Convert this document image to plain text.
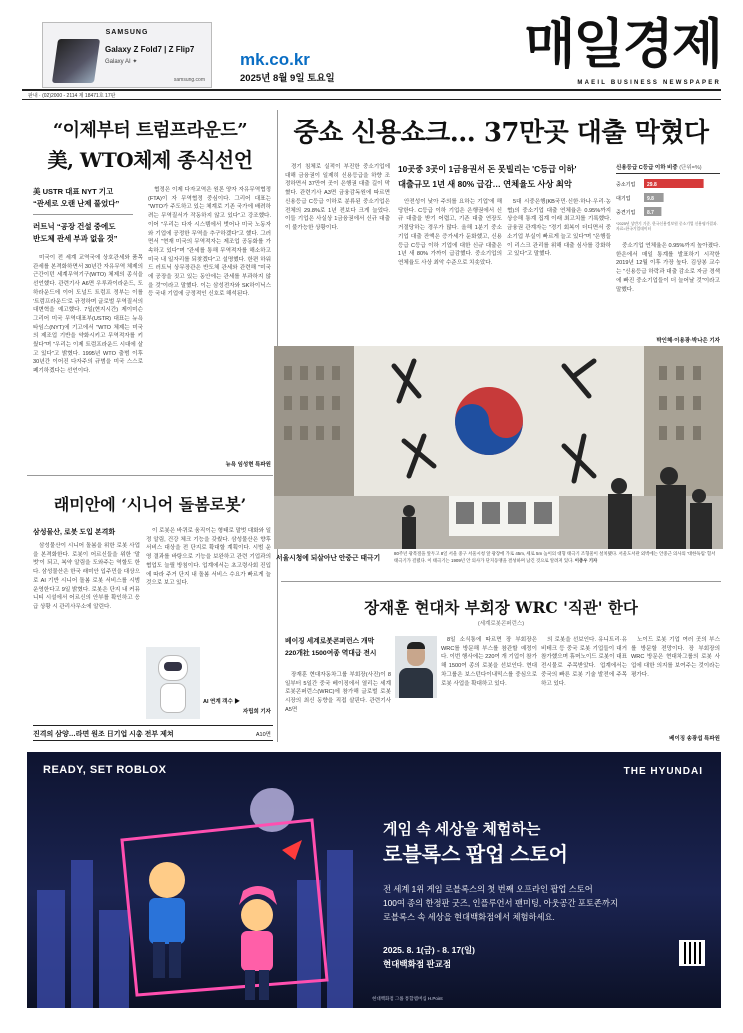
SAMSUNG
Galaxy Z Fold7 | Z Flip7
Galaxy AI ✦
samsung.com
mk.co.kr
2025년 8월 9일 토요일
매일경제
MAEIL BUSINESS NEWSPAPER
판내 · (02)2000 - 2114 제 18471호 17판
“이제부터 트럼프라운드”
美, WTO체제 종식선언
美 USTR 대표 NYT 기고
“관세로 오랜 난제 풀었다”
러트닉 “공장 건설 중에도
반도체 관세 부과 없을 것”

미국이 전 세계 교역국에 상호관세와 품목관세를 본격화하면서 30년간 자유무역 체제의 근간이던 세계무역기구(WTO) 체제의 종식을 선언했다. 관련기사 A6면 우루과이라운드, 도하라운드에 이어 도널드 트럼프 정부는 이를 '트럼프라운드'로 규정하며 글로벌 무역질서의 대변혁을 예고했다. 7일(현지시간) 제이미슨 그리어 미국 무역대표부(USTR) 대표는 뉴욕타임스(NYT)에 기고에서 "WTO 체제는 미국의 제조업 기반을 약화시키고 무역적자를 키웠다"며 "우리는 이제 트럼프라운드 시대에 살고 있다"고 밝혔다. 1995년 WTO 출범 이후 30년간 이어진 다자주의 규범을 미국 스스로 폐기하겠다는 선언이다.

협정은 이제 다자교역은 원론 양자 자유무역협정(FTA)이 자 무역협정 중심이다. 그리어 대표는 "WTO가 주도하고 있는 체계로 기존 국가에 배려하려는 무역질서가 작동하지 않고 있다"고 강조했다. 이어 "우리는 다자 시스템에서 벗어나 미국 노동자와 기업에 공정한 무역을 추구하겠다"고 했다. 그러면서 "현재 미국의 무역적자는 제조업 공동화를 가속하고 있다"며 "관세를 통해 무역적자를 해소하고 미국 내 일자리를 되찾겠다"고 설명했다. 한편 하워드 러트닉 상무장관은 반도체 관세와 관련해 "미국에 공장을 짓고 있는 동안에는 관세를 부과하지 않을 것"이라고 말했다. 이는 삼성전자와 SK하이닉스 등 국내 기업에 긍정적인 신호로 해석된다.

뉴욕 임성현 특파원
래미안에 ‘시니어 돌봄로봇’
삼성물산, 로봇 도입 본격화

삼성물산이 시니어 돌봄을 위한 로봇 사업을 본격화한다. 로봇이 어르신들을 위한 '말벗'이 되고, 복약 알림을 도와주는 역할도 한다. 삼성물산은 한국 래미안 입주민을 대상으로 AI 기반 시니어 돌봄 로봇 서비스를 시범 운영한다고 9일 밝혔다. 로봇은 단지 내 커뮤니티 시설에서 어르신의 안부를 확인하고 응급 상황 시 관리사무소에 알린다.

이 로봇은 바퀴로 움직이는 형태로 말벗 대화와 일정 알림, 건강 체크 기능을 갖췄다. 삼성물산은 향후 서비스 대상을 전 단지로 확대할 계획이다. 시범 운영 결과를 바탕으로 기능을 보완하고 관련 기업과의 협업도 늘릴 방침이다. 업계에서는 초고령사회 진입에 따라 주거 단지 내 돌봄 서비스 수요가 빠르게 늘 것으로 보고 있다.

AI 연계 객수 ▶
자립희 기자
진격의 삼양…라면 원조 日기업 시총 전부 제쳐	A10면
중쇼 신용쇼크… 37만곳 대출 막혔다

경기 침체로 실적이 부진한 중소기업에 대해 금융권이 일제히 신용등급을 하향 조정하면서 37만여 곳이 은행권 대출 길이 막혔다. 관련기사 A3면 금융감독원에 따르면 신용등급 C등급 이하로 분류된 중소기업은 전체의 29.8%로 1년 전보다 크게 늘었다. 이들 기업은 사실상 1금융권에서 신규 대출이 불가능한 상황이다.

10곳중 3곳이 1금융권서 돈 못빌리는 'C등급 이하'
대출규모 1년 새 80% 급감… 연체율도 사상 최악

안전성이 낮아 주의를 요하는 기업'에 해당한다. C등급 이하 기업은 은행권에서 신규 대출을 받기 어렵고, 기존 대출 연장도 거절당하는 경우가 많다. 올해 1분기 중소기업 대출 잔액은 증가세가 둔화했고, 신용등급 C등급 이하 기업에 대한 신규 대출은 1년 새 80% 가까이 급감했다. 중소기업의 연체율도 사상 최악 수준으로 치솟았다.

5대 시중은행(KB국민·신한·하나·우리·농협)의 중소기업 대출 연체율은 0.95%까지 상승해 통계 집계 이래 최고치를 기록했다. 금융권 관계자는 "경기 회복이 더디면서 중소기업 부실이 빠르게 늘고 있다"며 "은행들이 리스크 관리를 위해 대출 심사를 강화하고 있다"고 말했다.

신용등급 C등급 이하 비중 (단위=%)
중소기업 29.8
대기업	9.8
중견기업 8.7
*2025년 상반기 기준. 한국신용정보원 중소기업 신용평가결과. 자료=한국기업데이터

중소기업 연체율은 0.95%까지 높아졌다. 한은에서 매일 통계를 발표하기 시작한 2019년 12월 이후 가장 높다. 김상봉 교수는 "신용등급 하락과 대출 감소로 자금 경색에 빠진 중소기업들이 더 늘어날 것"이라고 말했다.

박인혜·이용광·박나은 기자
서울시청에 되살아난 안중근 태극기
80주년 광복절을 앞두고 8일 서울 중구 서울시청 앞 광장에 가로 45m, 세로 5m 높이의 대형 태극기 조형물이 설치됐다. 서울도서관 외벽에는 안중근 의사의 '대한독립' 혈서 태극기가 걸렸다. 이 태극기는 1909년 안 의사가 단지동맹을 결성하며 남긴 것으로 알려져 있다. 이충우 기자
장재훈 현대차 부회장 WRC '직관' 한다
(세계로봇콘퍼런스)
베이징 세계로봇콘퍼런스 개막
220개社 1500여종 역대급 전시

장재훈 현대자동차그룹 부회장(사진)이 8일부터 5일간 중국 베이징에서 열리는 세계로봇콘퍼런스(WRC)에 참가해 글로벌 로봇 시장의 최신 동향을 직접 살핀다. 관련기사 A5면

8일 소식통에 따르면 장 부회장은 WRC를 방문해 부스를 참관할 예정이다. 이번 행사에는 220여 개 기업이 참가해 1500여 종의 로봇을 선보인다. 현대차그룹은 보스턴다이내믹스를 중심으로 로봇 사업을 확대하고 있다.

의 로봇을 선보인다. 유니트리·유비테크 등 중국 로봇 기업들이 대거 참가했으며 휴머노이드 로봇이 대표 전시물로 주목받았다. 업계에서는 중국의 빠른 로봇 기술 발전에 주목하고 있다.

노이드 로봇 기업 여러 곳의 부스를 방문할 전망이다. 장 부회장의 WRC 방문은 현대차그룹의 로봇 사업에 대한 의지를 보여주는 것이라는 평가다.

베이징 송광섭 특파원
READY, SET ROBLOX	THE HYUNDAI
게임 속 세상을 체험하는
로블록스 팝업 스토어
전 세계 1위 게임 로블록스의 첫 번째 오프라인 팝업 스토어
100여 종의 한정판 굿즈, 인플루언서 팬미팅, 아웃공간 포토존까지
로블록스 속 세상을 현대백화점에서 체험하세요.
2025. 8. 1(금) - 8. 17(일)
현대백화점 판교점
현대백화점 그룹 통합멤버십 H.Point
